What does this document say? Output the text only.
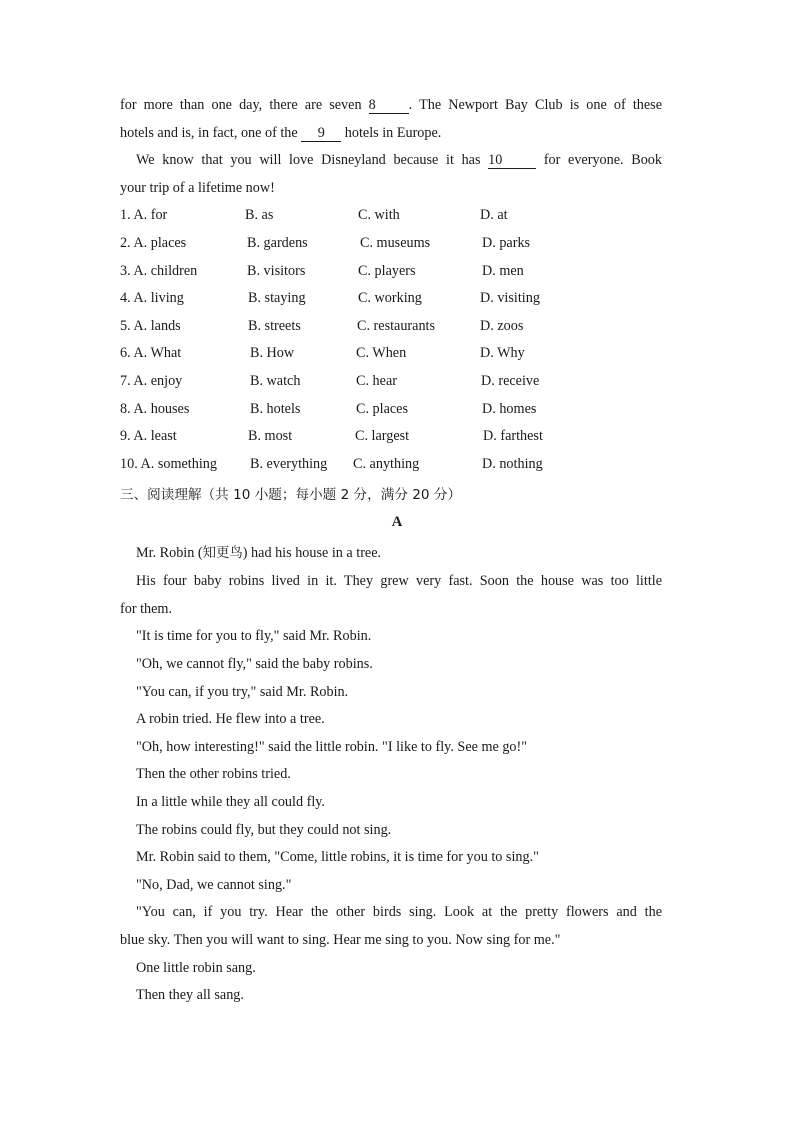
for more than one day, there are seven 8 . The Newport Bay Club is one of these
hotels and is, in fact, one of the 9 hotels in Europe.
We know that you will love Disneyland because it has 10 for everyone. Book
your trip of a lifetime now!
1. A. for	B. as	C. with	D. at
2. A. places	B. gardens	C. museums	D. parks
3. A. children	B. visitors	C. players	D. men
4. A. living	B. staying	C. working	D. visiting
5. A. lands	B. streets	C. restaurants	D. zoos
6. A. What	B. How	C. When	D. Why
7. A. enjoy	B. watch	C. hear	D. receive
8. A. houses	B. hotels	C. places	D. homes
9. A. least	B. most	C. largest	D. farthest
10. A. something B. everything C. anything	D. nothing
三、阅读理解（共 10 小题；每小题 2 分，满分 20 分）
A
Mr. Robin (知更鸟) had his house in a tree.
His four baby robins lived in it. They grew very fast. Soon the house was too little
for them.
"It is time for you to fly," said Mr. Robin.
"Oh, we cannot fly," said the baby robins.
"You can, if you try," said Mr. Robin.
A robin tried. He flew into a tree.
"Oh, how interesting!" said the little robin. "I like to fly. See me go!"
Then the other robins tried.
In a little while they all could fly.
The robins could fly, but they could not sing.
Mr. Robin said to them, "Come, little robins, it is time for you to sing."
"No, Dad, we cannot sing."
"You can, if you try. Hear the other birds sing. Look at the pretty flowers and the
blue sky. Then you will want to sing. Hear me sing to you. Now sing for me."
One little robin sang.
Then they all sang.
